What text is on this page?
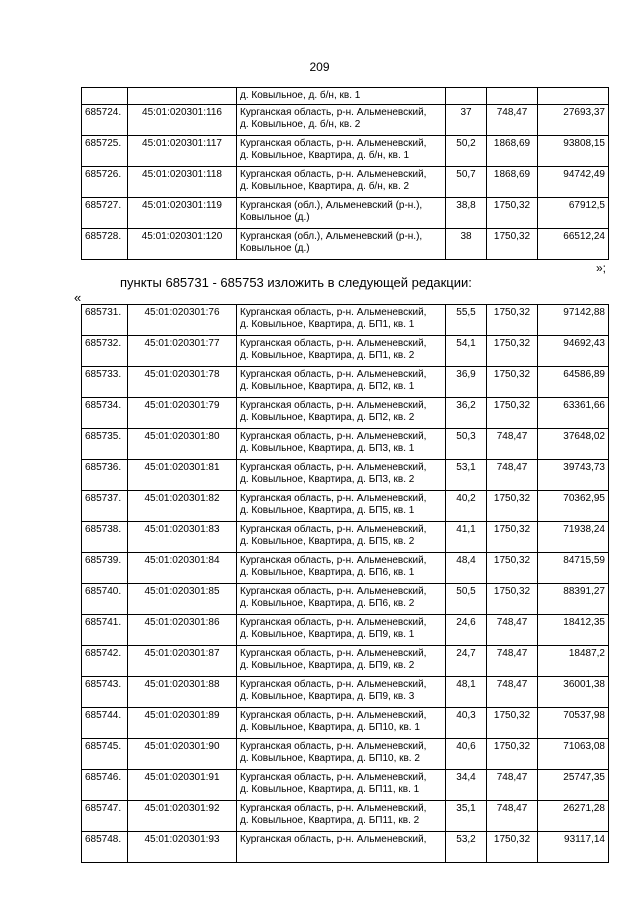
209

		д. Ковыльное, д. б/н, кв. 1			

685724.	45:01:020301:116	Курганская область, р-н. Альменевский,
д. Ковыльное, д. б/н, кв. 2	37	748,47	27693,37
685725.	45:01:020301:117	Курганская область, р-н. Альменевский,
д. Ковыльное, Квартира, д. б/н, кв. 1	50,2	1868,69	93808,15
685726.	45:01:020301:118	Курганская область, р-н. Альменевский,
д. Ковыльное, Квартира, д. б/н, кв. 2	50,7	1868,69	94742,49
685727.	45:01:020301:119	Курганская (обл.), Альменевский (р-н.),
Ковыльное (д.)	38,8	1750,32	67912,5
685728.	45:01:020301:120	Курганская (обл.), Альменевский (р-н.),
Ковыльное (д.)	38	1750,32	66512,24
»;
пункты 685731 - 685753 изложить в следующей редакции:
«
685731.	45:01:020301:76	Курганская область, р-н. Альменевский,
д. Ковыльное, Квартира, д. БП1, кв. 1	55,5	1750,32	97142,88
685732.	45:01:020301:77	Курганская область, р-н. Альменевский,
д. Ковыльное, Квартира, д. БП1, кв. 2	54,1	1750,32	94692,43
685733.	45:01:020301:78	Курганская область, р-н. Альменевский,
д. Ковыльное, Квартира, д. БП2, кв. 1	36,9	1750,32	64586,89
685734.	45:01:020301:79	Курганская область, р-н. Альменевский,
д. Ковыльное, Квартира, д. БП2, кв. 2	36,2	1750,32	63361,66
685735.	45:01:020301:80	Курганская область, р-н. Альменевский,
д. Ковыльное, Квартира, д. БП3, кв. 1	50,3	748,47	37648,02
685736.	45:01:020301:81	Курганская область, р-н. Альменевский,
д. Ковыльное, Квартира, д. БП3, кв. 2	53,1	748,47	39743,73
685737.	45:01:020301:82	Курганская область, р-н. Альменевский,
д. Ковыльное, Квартира, д. БП5, кв. 1	40,2	1750,32	70362,95
685738.	45:01:020301:83	Курганская область, р-н. Альменевский,
д. Ковыльное, Квартира, д. БП5, кв. 2	41,1	1750,32	71938,24
685739.	45:01:020301:84	Курганская область, р-н. Альменевский,
д. Ковыльное, Квартира, д. БП6, кв. 1	48,4	1750,32	84715,59
685740.	45:01:020301:85	Курганская область, р-н. Альменевский,
д. Ковыльное, Квартира, д. БП6, кв. 2	50,5	1750,32	88391,27
685741.	45:01:020301:86	Курганская область, р-н. Альменевский,
д. Ковыльное, Квартира, д. БП9, кв. 1	24,6	748,47	18412,35
685742.	45:01:020301:87	Курганская область, р-н. Альменевский,
д. Ковыльное, Квартира, д. БП9, кв. 2	24,7	748,47	18487,2
685743.	45:01:020301:88	Курганская область, р-н. Альменевский,
д. Ковыльное, Квартира, д. БП9, кв. 3	48,1	748,47	36001,38
685744.	45:01:020301:89	Курганская область, р-н. Альменевский,
д. Ковыльное, Квартира, д. БП10, кв. 1	40,3	1750,32	70537,98
685745.	45:01:020301:90	Курганская область, р-н. Альменевский,
д. Ковыльное, Квартира, д. БП10, кв. 2	40,6	1750,32	71063,08
685746.	45:01:020301:91	Курганская область, р-н. Альменевский,
д. Ковыльное, Квартира, д. БП11, кв. 1	34,4	748,47	25747,35
685747.	45:01:020301:92	Курганская область, р-н. Альменевский,
д. Ковыльное, Квартира, д. БП11, кв. 2	35,1	748,47	26271,28
685748.	45:01:020301:93	Курганская область, р-н. Альменевский,	53,2	1750,32	93117,14
